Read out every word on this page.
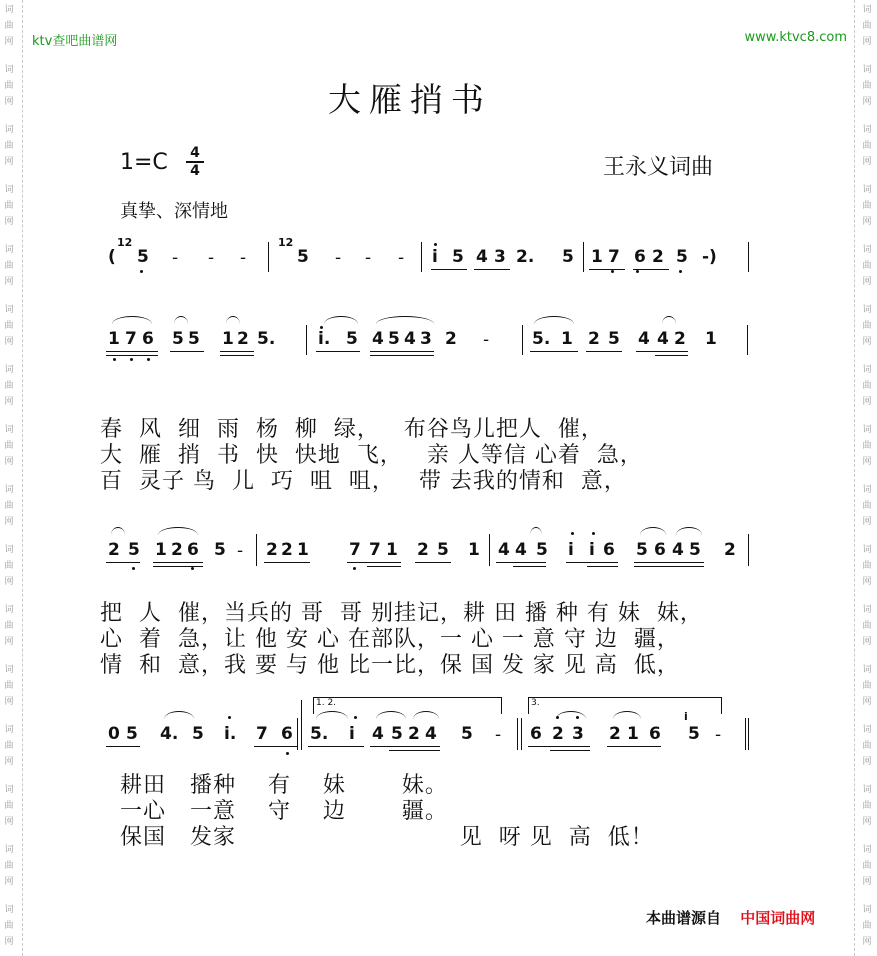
词
曲
网
词
曲
网
词
曲
网
词
曲
网
词
曲
网
词
曲
网
词
曲
网
词
曲
网
词
曲
网
词
曲
网
词
曲
网
词
曲
网
词
曲
网
词
曲
网
词
曲
网
词
曲
网
词
曲
网
词
曲
网
词
曲
网
词
曲
网
词
曲
网
词
曲
网
词
曲
网
词
曲
网
词
曲
网
词
曲
网
词
曲
网
词
曲
网
词
曲
网
词
曲
网
词
曲
网
词
曲
网
ktv查吧曲谱网	www.ktvc8.com
大雁捎书
1=C 4
4	王永义词曲
真挚、深情地
5 - - -	5 - - - i 5 4 3 2. 5 1 7 6 2 5 -)
12	12
(
1 7 6 5 5 1 2 5.	i. 5 4 5 4 3 2 -	5. 1 2 5 4 4 2 1
2 5 1 2 6 5 - 2 2 1 7 7 1 2 5 1 4 4 5 i i 6 5 6 4 5 2
0 5 4. 5 i. 7 6 5. i 4 5 2 4 5 - 6 2 3 2 1 6 5 -
i
1. 2.	3.
春  风  细  雨  杨  柳  绿，   布谷鸟儿把人  催，
大  雁  捎  书  快  快地  飞，   亲 人等信 心着  急，
百  灵子 鸟  儿  巧  咀  咀，   带 去我的情和  意，
把  人  催，当兵的 哥  哥 别挂记，耕 田 播 种 有 妹  妹，
心  着  急，让 他 安 心 在部队，一 心 一 意 守 边  疆，
情  和  意，我 要 与 他 比一比，保 国 发 家 见 高  低，
耕田   播种    有    妹       妹。
一心   一意    守    边       疆。
保国   发家                            见  呀 见  高  低！
本曲谱源自 中国词曲网
